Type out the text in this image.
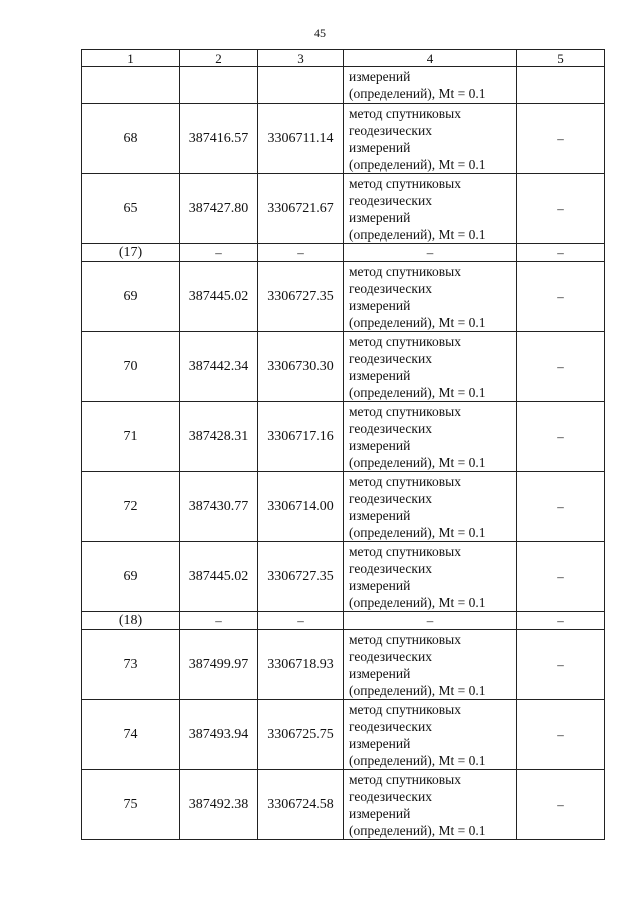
45
1	2	3	4	5

			измерений
(определений), Mt = 0.1	

68	387416.57	3306711.14	метод спутниковых
геодезических
измерений
(определений), Mt = 0.1	–
65	387427.80	3306721.67	метод спутниковых
геодезических
измерений
(определений), Mt = 0.1	–
(17)	–	–	–	–
69	387445.02	3306727.35	метод спутниковых
геодезических
измерений
(определений), Mt = 0.1	–
70	387442.34	3306730.30	метод спутниковых
геодезических
измерений
(определений), Mt = 0.1	–
71	387428.31	3306717.16	метод спутниковых
геодезических
измерений
(определений), Mt = 0.1	–
72	387430.77	3306714.00	метод спутниковых
геодезических
измерений
(определений), Mt = 0.1	–
69	387445.02	3306727.35	метод спутниковых
геодезических
измерений
(определений), Mt = 0.1	–
(18)	–	–	–	–
73	387499.97	3306718.93	метод спутниковых
геодезических
измерений
(определений), Mt = 0.1	–
74	387493.94	3306725.75	метод спутниковых
геодезических
измерений
(определений), Mt = 0.1	–
75	387492.38	3306724.58	метод спутниковых
геодезических
измерений
(определений), Mt = 0.1	–
